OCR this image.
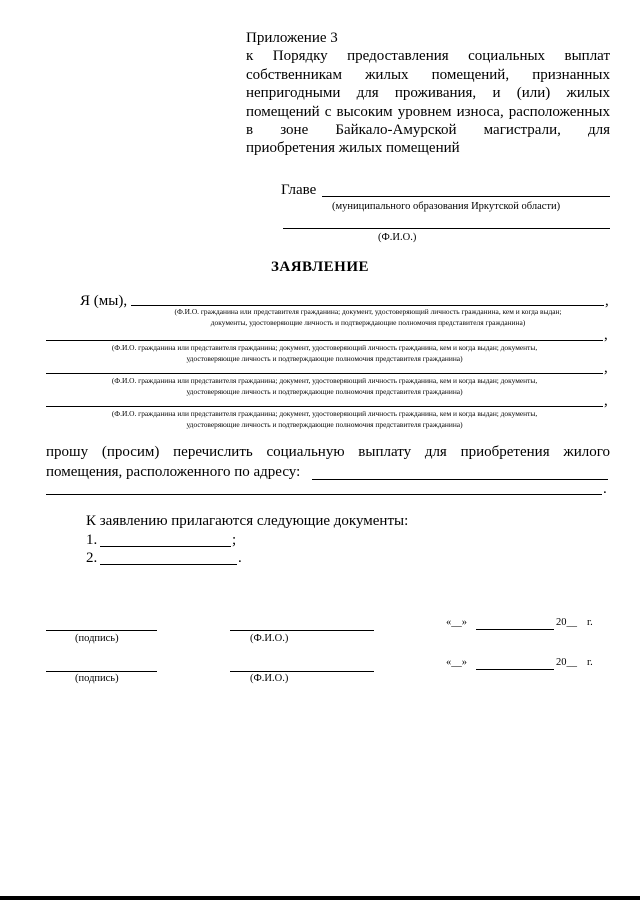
Приложение 3
к Порядку предоставления социальных выплат
собственникам жилых помещений, признанных
непригодными для проживания, и (или) жилых
помещений с высоким уровнем износа, расположенных
в зоне Байкало-Амурской магистрали, для
приобретения жилых помещений
Главе
(муниципального образования Иркутской области)
(Ф.И.О.)
ЗАЯВЛЕНИЕ
Я (мы),	,
(Ф.И.О. гражданина или представителя гражданина; документ, удостоверяющий личность гражданина, кем и когда выдан;
документы, удостоверяющие личность и подтверждающие полномочия представителя гражданина)
,
(Ф.И.О. гражданина или представителя гражданина; документ, удостоверяющий личность гражданина, кем и когда выдан; документы,
удостоверяющие личность и подтверждающие полномочия представителя гражданина)
,
(Ф.И.О. гражданина или представителя гражданина; документ, удостоверяющий личность гражданина, кем и когда выдан; документы,
удостоверяющие личность и подтверждающие полномочия представителя гражданина)
,
(Ф.И.О. гражданина или представителя гражданина; документ, удостоверяющий личность гражданина, кем и когда выдан; документы,
удостоверяющие личность и подтверждающие полномочия представителя гражданина)
прошу (просим) перечислить социальную выплату для приобретения жилого
помещения, расположенного по адресу:
.
К заявлению прилагаются следующие документы:
1.	;
2.	.
(подпись)	(Ф.И.О.)
«__»	20__ г.
(подпись)	(Ф.И.О.)
«__»	20__ г.
